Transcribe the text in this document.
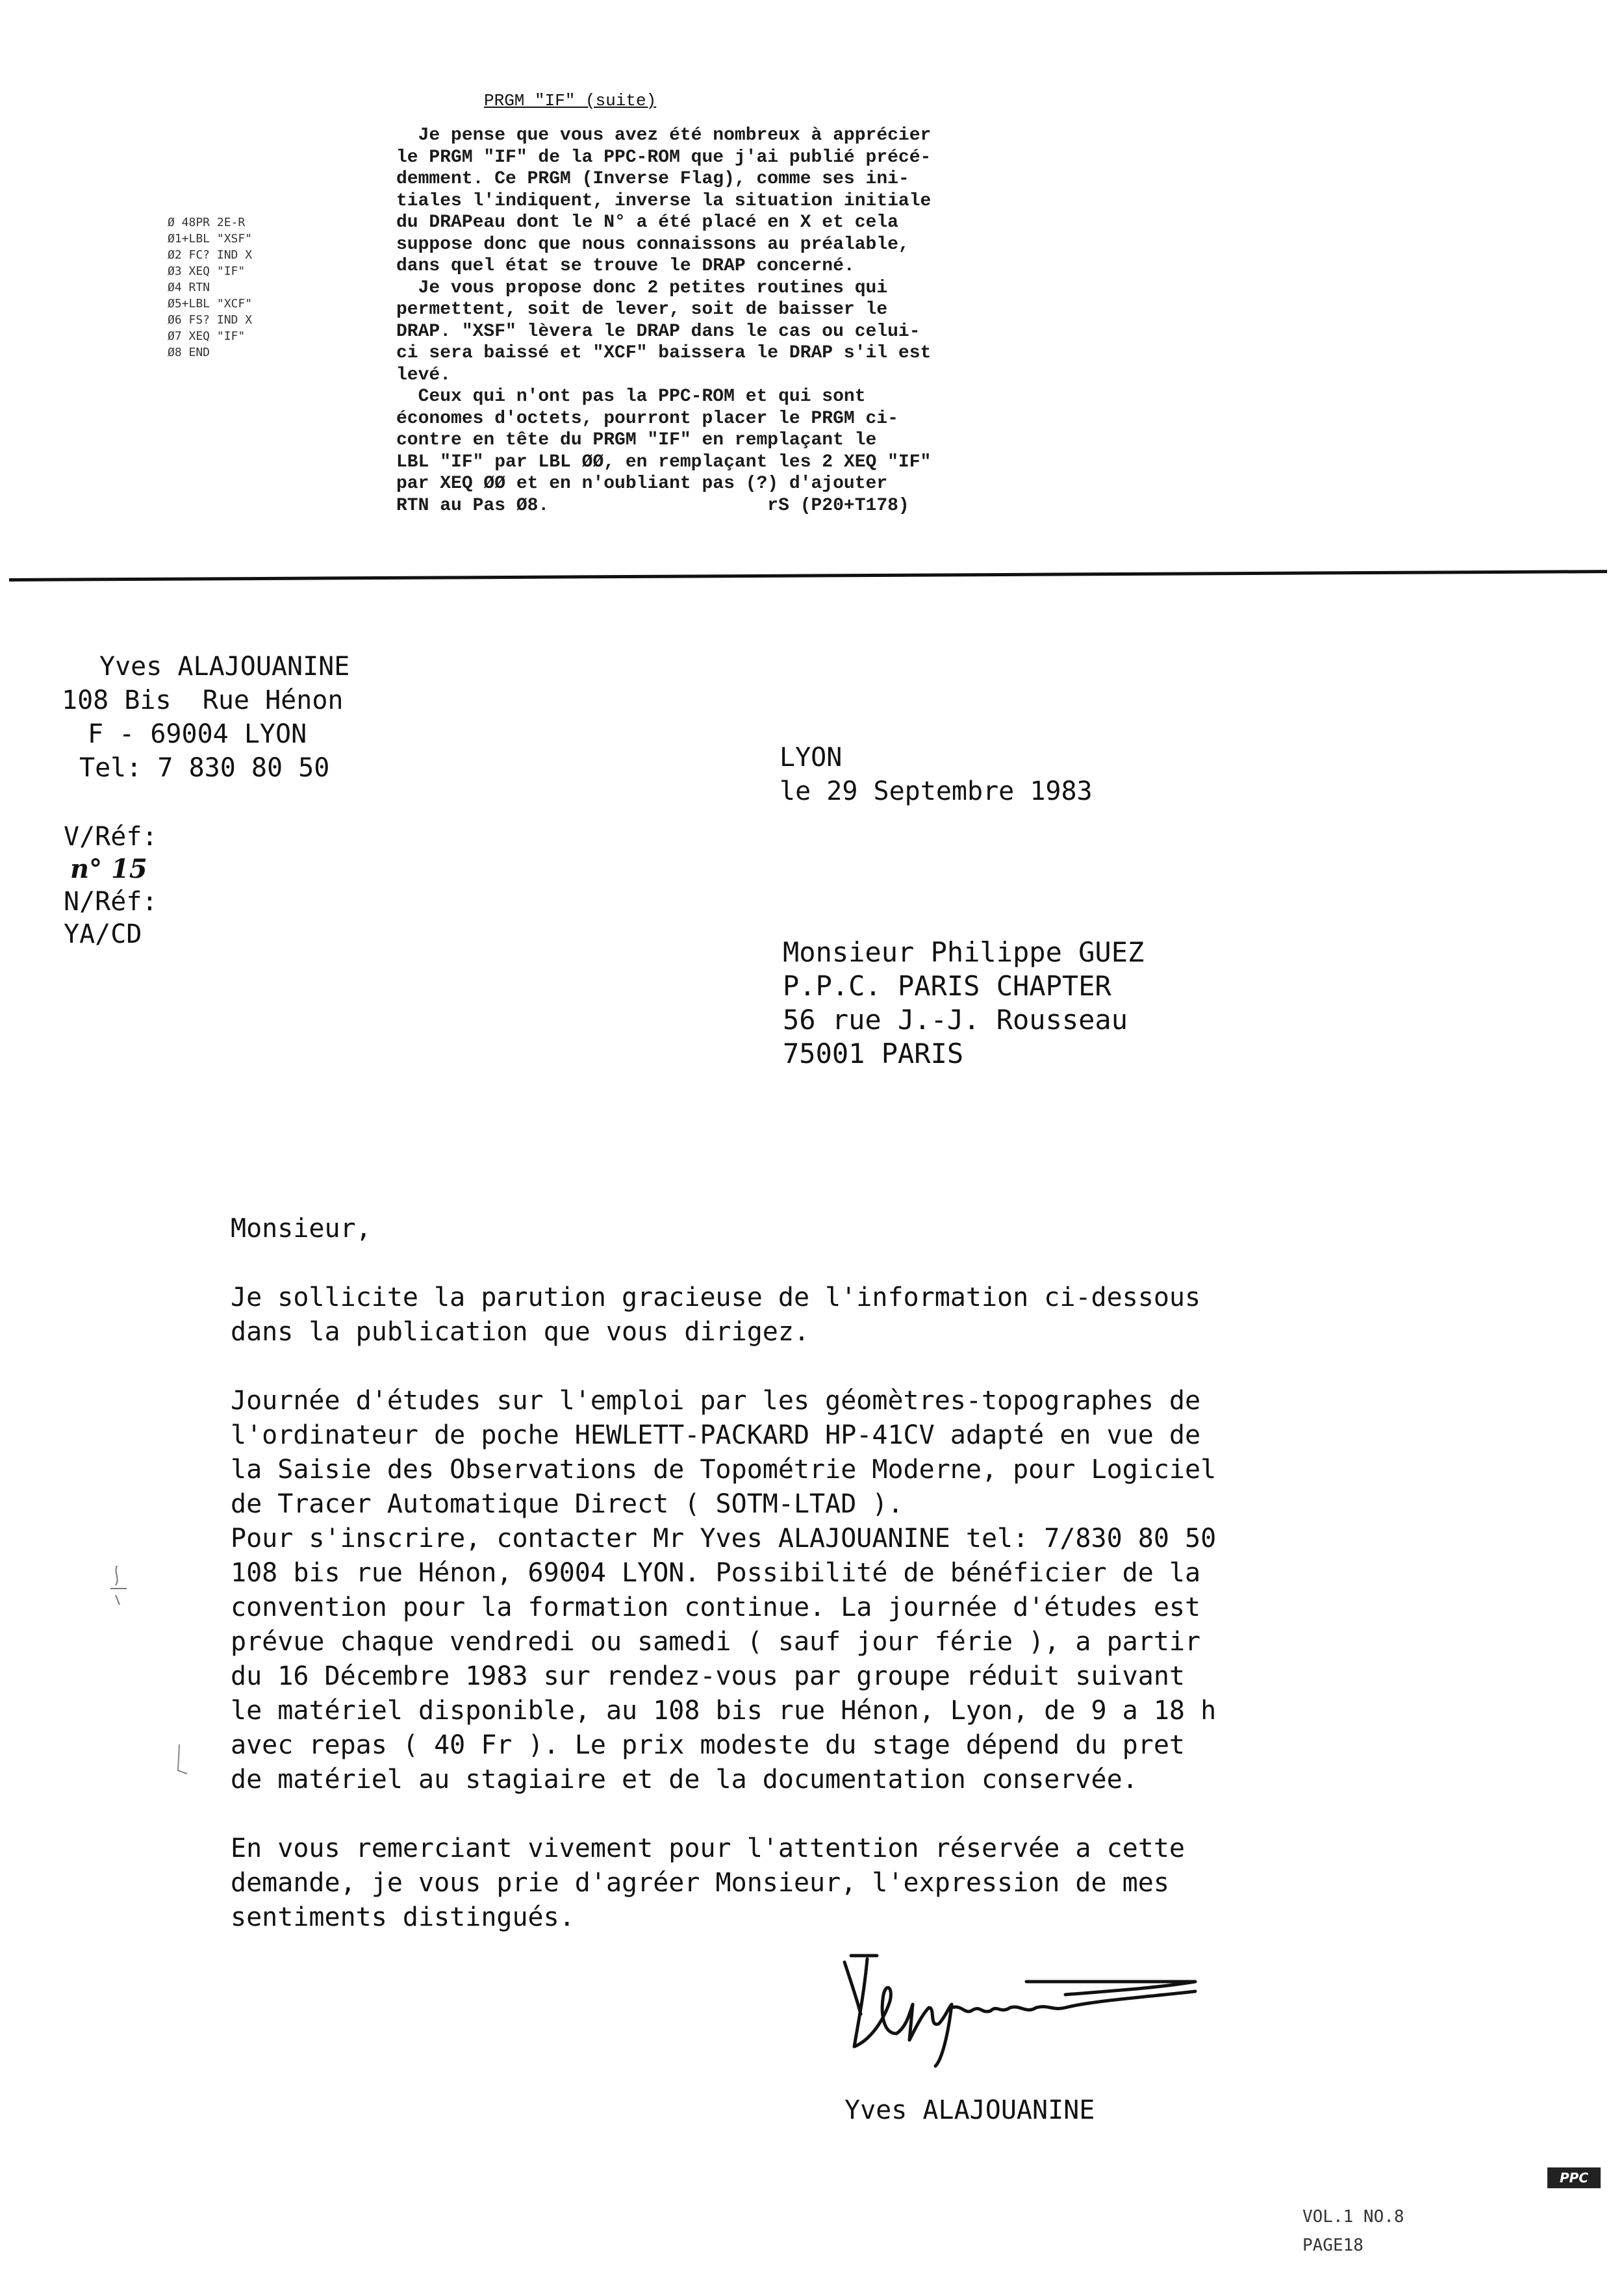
PRGM "IF" (suite)
Ø 48PR 2E-R
Ø1+LBL "XSF"
Ø2 FC? IND X
Ø3 XEQ "IF"
Ø4 RTN
Ø5+LBL "XCF"
Ø6 FS? IND X
Ø7 XEQ "IF"
Ø8 END
Je pense que vous avez été nombreux à apprécier
le PRGM "IF" de la PPC-ROM que j'ai publié précé-
demment. Ce PRGM (Inverse Flag), comme ses ini-
tiales l'indiquent, inverse la situation initiale
du DRAPeau dont le N° a été placé en X et cela
suppose donc que nous connaissons au préalable,
dans quel état se trouve le DRAP concerné.
Je vous propose donc 2 petites routines qui
permettent, soit de lever, soit de baisser le
DRAP. "XSF" lèvera le DRAP dans le cas ou celui-
ci sera baissé et "XCF" baissera le DRAP s'il est
levé.
Ceux qui n'ont pas la PPC-ROM et qui sont
économes d'octets, pourront placer le PRGM ci-
contre en tête du PRGM "IF" en remplaçant le
LBL "IF" par LBL ØØ, en remplaçant les 2 XEQ "IF"
par XEQ ØØ et en n'oubliant pas (?) d'ajouter
RTN au Pas Ø8.                    rS (P20+T178)
Yves ALAJOUANINE
108 Bis  Rue Hénon
F - 69004 LYON
Tel: 7 830 80 50
V/Réf:
n° 15
N/Réf:
YA/CD
LYON
le 29 Septembre 1983
Monsieur Philippe GUEZ
P.P.C. PARIS CHAPTER
56 rue J.-J. Rousseau
75001 PARIS
Monsieur,
Je sollicite la parution gracieuse de l'information ci-dessous
dans la publication que vous dirigez.
Journée d'études sur l'emploi par les géomètres-topographes de
l'ordinateur de poche HEWLETT-PACKARD HP-41CV adapté en vue de
la Saisie des Observations de Topométrie Moderne, pour Logiciel
de Tracer Automatique Direct ( SOTM-LTAD ).
Pour s'inscrire, contacter Mr Yves ALAJOUANINE tel: 7/830 80 50
108 bis rue Hénon, 69004 LYON. Possibilité de bénéficier de la
convention pour la formation continue. La journée d'études est
prévue chaque vendredi ou samedi ( sauf jour férie ), a partir
du 16 Décembre 1983 sur rendez-vous par groupe réduit suivant
le matériel disponible, au 108 bis rue Hénon, Lyon, de 9 a 18 h
avec repas ( 40 Fr ). Le prix modeste du stage dépend du pret
de matériel au stagiaire et de la documentation conservée.
En vous remerciant vivement pour l'attention réservée a cette
demande, je vous prie d'agréer Monsieur, l'expression de mes
sentiments distingués.
Yves ALAJOUANINE
PPC
VOL.1 NO.8
PAGE18
